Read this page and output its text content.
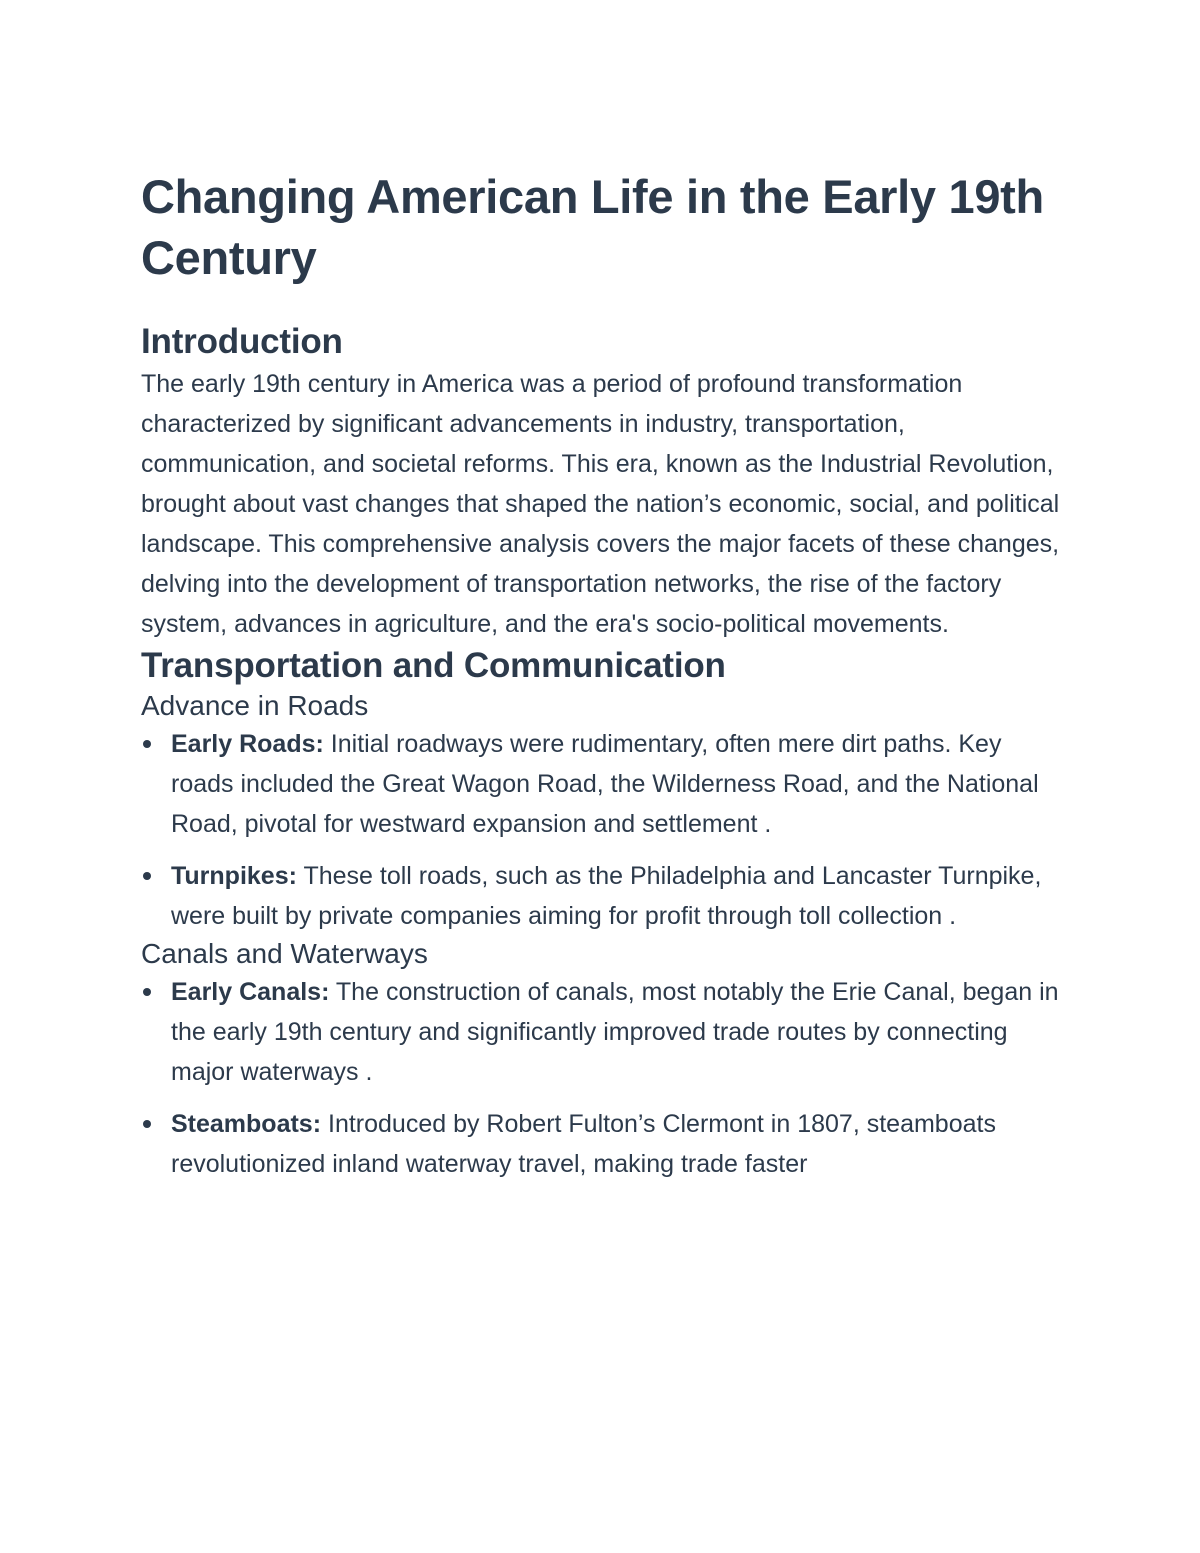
Changing American Life in the Early 19th Century
Introduction

The early 19th century in America was a period of profound transformation characterized by significant advancements in industry, transportation, communication, and societal reforms. This era, known as the Industrial Revolution, brought about vast changes that shaped the nation’s economic, social, and political landscape. This comprehensive analysis covers the major facets of these changes, delving into the development of transportation networks, the rise of the factory system, advances in agriculture, and the era's socio-political movements.

Transportation and Communication
Advance in Roads
Early Roads: Initial roadways were rudimentary, often mere dirt paths. Key roads included the Great Wagon Road, the Wilderness Road, and the National Road, pivotal for westward expansion and settlement .
Turnpikes: These toll roads, such as the Philadelphia and Lancaster Turnpike, were built by private companies aiming for profit through toll collection .
Canals and Waterways
Early Canals: The construction of canals, most notably the Erie Canal, began in the early 19th century and significantly improved trade routes by connecting major waterways .
Steamboats: Introduced by Robert Fulton’s Clermont in 1807, steamboats revolutionized inland waterway travel, making trade faster
